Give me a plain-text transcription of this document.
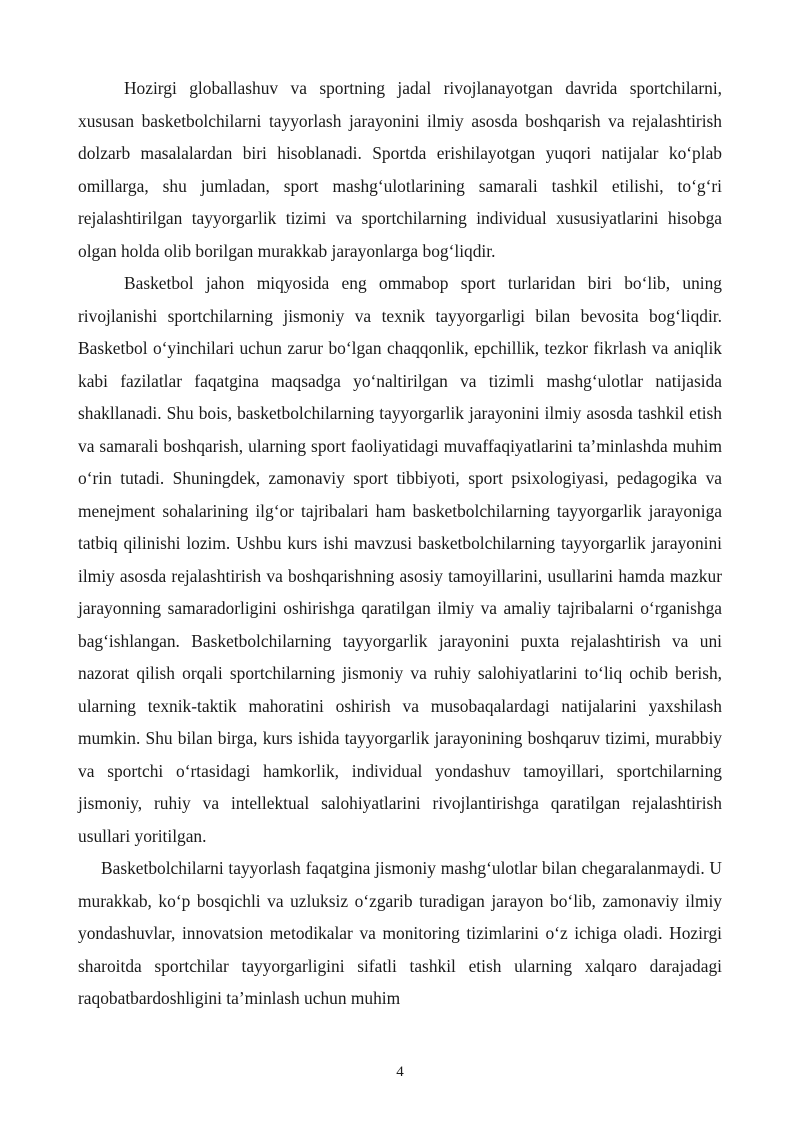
Hozirgi globallashuv va sportning jadal rivojlanayotgan davrida sportchilarni, xususan basketbolchilarni tayyorlash jarayonini ilmiy asosda boshqarish va rejalashtirish dolzarb masalalardan biri hisoblanadi. Sportda erishilayotgan yuqori natijalar koʻplab omillarga, shu jumladan, sport mashgʻulotlarining samarali tashkil etilishi, toʻgʻri rejalashtirilgan tayyorgarlik tizimi va sportchilarning individual xususiyatlarini hisobga olgan holda olib borilgan murakkab jarayonlarga bogʻliqdir.

Basketbol jahon miqyosida eng ommabop sport turlaridan biri boʻlib, uning rivojlanishi sportchilarning jismoniy va texnik tayyorgarligi bilan bevosita bogʻliqdir. Basketbol oʻyinchilari uchun zarur boʻlgan chaqqonlik, epchillik, tezkor fikrlash va aniqlik kabi fazilatlar faqatgina maqsadga yoʻnaltirilgan va tizimli mashgʻulotlar natijasida shakllanadi. Shu bois, basketbolchilarning tayyorgarlik jarayonini ilmiy asosda tashkil etish va samarali boshqarish, ularning sport faoliyatidagi muvaffaqiyatlarini taʼminlashda muhim oʻrin tutadi. Shuningdek, zamonaviy sport tibbiyoti, sport psixologiyasi, pedagogika va menejment sohalarining ilgʻor tajribalari ham basketbolchilarning tayyorgarlik jarayoniga tatbiq qilinishi lozim. Ushbu kurs ishi mavzusi basketbolchilarning tayyorgarlik jarayonini ilmiy asosda rejalashtirish va boshqarishning asosiy tamoyillarini, usullarini hamda mazkur jarayonning samaradorligini oshirishga qaratilgan ilmiy va amaliy tajribalarni oʻrganishga bagʻishlangan. Basketbolchilarning tayyorgarlik jarayonini puxta rejalashtirish va uni nazorat qilish orqali sportchilarning jismoniy va ruhiy salohiyatlarini toʻliq ochib berish, ularning texnik-taktik mahoratini oshirish va musobaqalardagi natijalarini yaxshilash mumkin. Shu bilan birga, kurs ishida tayyorgarlik jarayonining boshqaruv tizimi, murabbiy va sportchi oʻrtasidagi hamkorlik, individual yondashuv tamoyillari, sportchilarning jismoniy, ruhiy va intellektual salohiyatlarini rivojlantirishga qaratilgan rejalashtirish usullari yoritilgan.

Basketbolchilarni tayyorlash faqatgina jismoniy mashgʻulotlar bilan chegaralanmaydi. U murakkab, koʻp bosqichli va uzluksiz oʻzgarib turadigan jarayon boʻlib, zamonaviy ilmiy yondashuvlar, innovatsion metodikalar va monitoring tizimlarini oʻz ichiga oladi. Hozirgi sharoitda sportchilar tayyorgarligini sifatli tashkil etish ularning xalqaro darajadagi raqobatbardoshligini taʼminlash uchun muhim

4
